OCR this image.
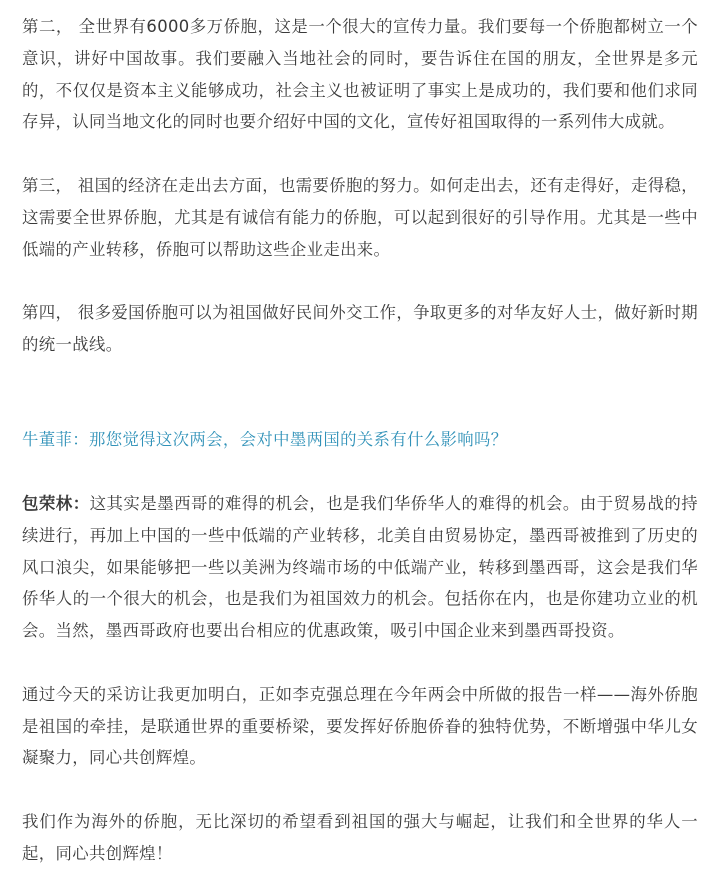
第二， 全世界有6000多万侨胞，这是一个很大的宣传力量。我们要每一个侨胞都树立一个意识，讲好中国故事。我们要融入当地社会的同时，要告诉住在国的朋友，全世界是多元的，不仅仅是资本主义能够成功，社会主义也被证明了事实上是成功的，我们要和他们求同存异，认同当地文化的同时也要介绍好中国的文化，宣传好祖国取得的一系列伟大成就。

第三， 祖国的经济在走出去方面，也需要侨胞的努力。如何走出去，还有走得好，走得稳，这需要全世界侨胞，尤其是有诚信有能力的侨胞，可以起到很好的引导作用。尤其是一些中低端的产业转移，侨胞可以帮助这些企业走出来。

第四， 很多爱国侨胞可以为祖国做好民间外交工作，争取更多的对华友好人士，做好新时期的统一战线。

牛董菲：那您觉得这次两会，会对中墨两国的关系有什么影响吗？

包荣林：这其实是墨西哥的难得的机会，也是我们华侨华人的难得的机会。由于贸易战的持续进行，再加上中国的一些中低端的产业转移，北美自由贸易协定，墨西哥被推到了历史的风口浪尖，如果能够把一些以美洲为终端市场的中低端产业，转移到墨西哥，这会是我们华侨华人的一个很大的机会，也是我们为祖国效力的机会。包括你在内，也是你建功立业的机会。当然，墨西哥政府也要出台相应的优惠政策，吸引中国企业来到墨西哥投资。

通过今天的采访让我更加明白，正如李克强总理在今年两会中所做的报告一样——海外侨胞是祖国的牵挂，是联通世界的重要桥梁，要发挥好侨胞侨眷的独特优势，不断增强中华儿女凝聚力，同心共创辉煌。

我们作为海外的侨胞，无比深切的希望看到祖国的强大与崛起，让我们和全世界的华人一起，同心共创辉煌！
